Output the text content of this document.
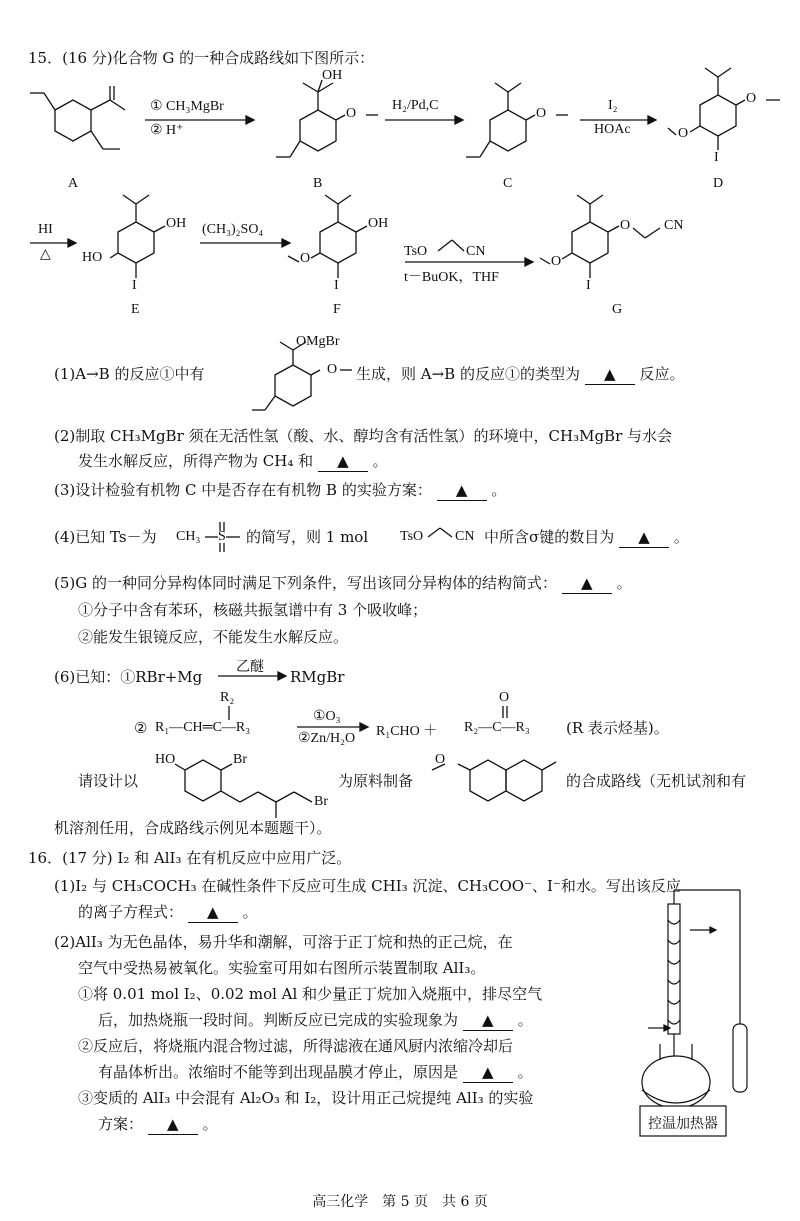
15．(16 分)化合物 G 的一种合成路线如下图所示：
A	B	C	D
E	F	G
OH
O	O
O
O
I
OH
HO
I
OH
O
I
O CN
O
I
OMgBr
O
① CH₃MgBr
② H⁺
H₂/Pd,C	I₂
HOAc
HI
△
(CH₃)₂SO₄
TsO	CN
t－BuOK，THF
(1)A→B 的反应①中有	生成，则 A→B 的反应①的类型为 ▲ 反应。
(2)制取 CH₃MgBr 须在无活性氢（酸、水、醇均含有活性氢）的环境中，CH₃MgBr 与水会
发生水解反应，所得产物为 CH₄ 和 ▲ 。
(3)设计检验有机物 C 中是否存在有机物 B 的实验方案： ▲ 。
(4)已知 Ts－为 CH₃ S 的简写，则 1 mol TsO CN 中所含σ键的数目为 ▲ 。
(5)G 的一种同分异构体同时满足下列条件，写出该同分异构体的结构简式： ▲ 。
①分子中含有苯环，核磁共振氢谱中有 3 个吸收峰；
②能发生银镜反应，不能发生水解反应。
(6)已知：①RBr+Mg
乙醚
RMgBr
②
R₂
R₁—CH═C—R₃
①O₃
②Zn/H₂O R₁CHO ＋
O
R₂—C—R₃ (R 表示烃基)。
请设计以
HO	Br
Br
为原料制备
O
的合成路线（无机试剂和有
机溶剂任用，合成路线示例见本题题干）。
16．(17 分) I₂ 和 AlI₃ 在有机反应中应用广泛。
(1)I₂ 与 CH₃COCH₃ 在碱性条件下反应可生成 CHI₃ 沉淀、CH₃COO⁻、I⁻和水。写出该反应
的离子方程式： ▲ 。
(2)AlI₃ 为无色晶体，易升华和潮解，可溶于正丁烷和热的正己烷，在
空气中受热易被氧化。实验室可用如右图所示装置制取 AlI₃。
①将 0.01 mol I₂、0.02 mol Al 和少量正丁烷加入烧瓶中，排尽空气
后，加热烧瓶一段时间。判断反应已完成的实验现象为 ▲ 。
②反应后，将烧瓶内混合物过滤，所得滤液在通风厨内浓缩冷却后
有晶体析出。浓缩时不能等到出现晶膜才停止，原因是 ▲ 。
③变质的 AlI₃ 中会混有 Al₂O₃ 和 I₂，设计用正己烷提纯 AlI₃ 的实验
方案： ▲ 。	控温加热器
高三化学　第 5 页　共 6 页
